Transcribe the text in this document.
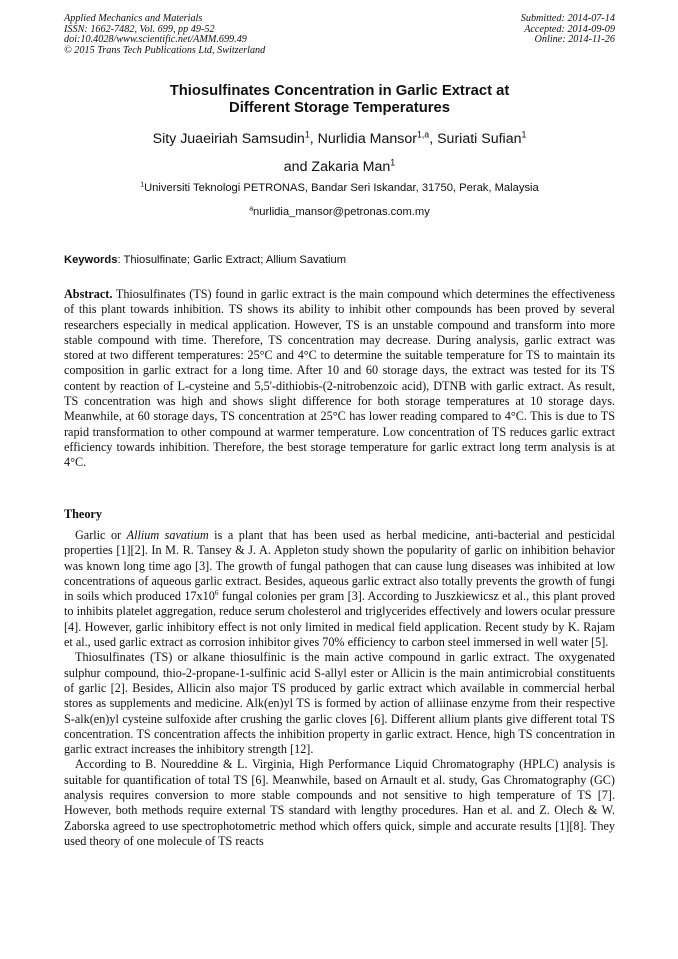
Applied Mechanics and Materials
ISSN: 1662-7482, Vol. 699, pp 49-52
doi:10.4028/www.scientific.net/AMM.699.49
© 2015 Trans Tech Publications Ltd, Switzerland
Submitted: 2014-07-14
Accepted: 2014-09-09
Online: 2014-11-26
Thiosulfinates Concentration in Garlic Extract at
Different Storage Temperatures
Sity Juaeiriah Samsudin$^1$, Nurlidia Mansor$^{1,a}$, Suriati Sufian$^1$
and Zakaria Man$^1$
$^1$Universiti Teknologi PETRONAS, Bandar Seri Iskandar, 31750, Perak, Malaysia
$^a$nurlidia_mansor@petronas.com.my
Keywords: Thiosulfinate; Garlic Extract; Allium Savatium
Abstract. Thiosulfinates (TS) found in garlic extract is the main compound which determines the effectiveness of this plant towards inhibition. TS shows its ability to inhibit other compounds has been proved by several researchers especially in medical application. However, TS is an unstable compound and transform into more stable compound with time. Therefore, TS concentration may decrease. During analysis, garlic extract was stored at two different temperatures: 25°C and 4°C to determine the suitable temperature for TS to maintain its composition in garlic extract for a long time. After 10 and 60 storage days, the extract was tested for its TS content by reaction of L-cysteine and 5,5'-dithiobis-(2-nitrobenzoic acid), DTNB with garlic extract. As result, TS concentration was high and shows slight difference for both storage temperatures at 10 storage days. Meanwhile, at 60 storage days, TS concentration at 25°C has lower reading compared to 4°C. This is due to TS rapid transformation to other compound at warmer temperature. Low concentration of TS reduces garlic extract efficiency towards inhibition. Therefore, the best storage temperature for garlic extract long term analysis is at 4°C.
Theory

Garlic or Allium savatium is a plant that has been used as herbal medicine, anti-bacterial and pesticidal properties [1][2]. In M. R. Tansey & J. A. Appleton study shown the popularity of garlic on inhibition behavior was known long time ago [3]. The growth of fungal pathogen that can cause lung diseases was inhibited at low concentrations of aqueous garlic extract. Besides, aqueous garlic extract also totally prevents the growth of fungi in soils which produced $17x10^6$ fungal colonies per gram [3]. According to Juszkiewicsz et al., this plant proved to inhibits platelet aggregation, reduce serum cholesterol and triglycerides effectively and lowers ocular pressure [4]. However, garlic inhibitory effect is not only limited in medical field application. Recent study by K. Rajam et al., used garlic extract as corrosion inhibitor gives 70% efficiency to carbon steel immersed in well water [5].

Thiosulfinates (TS) or alkane thiosulfinic is the main active compound in garlic extract. The oxygenated sulphur compound, thio-2-propane-1-sulfinic acid S-allyl ester or Allicin is the main antimicrobial constituents of garlic [2]. Besides, Allicin also major TS produced by garlic extract which available in commercial herbal stores as supplements and medicine. Alk(en)yl TS is formed by action of alliinase enzyme from their respective S-alk(en)yl cysteine sulfoxide after crushing the garlic cloves [6]. Different allium plants give different total TS concentration. TS concentration affects the inhibition property in garlic extract. Hence, high TS concentration in garlic extract increases the inhibitory strength [12].

According to B. Noureddine & L. Virginia, High Performance Liquid Chromatography (HPLC) analysis is suitable for quantification of total TS [6]. Meanwhile, based on Arnault et al. study, Gas Chromatography (GC) analysis requires conversion to more stable compounds and not sensitive to high temperature of TS [7]. However, both methods require external TS standard with lengthy procedures. Han et al. and Z. Olech & W. Zaborska agreed to use spectrophotometric method which offers quick, simple and accurate results [1][8]. They used theory of one molecule of TS reacts
